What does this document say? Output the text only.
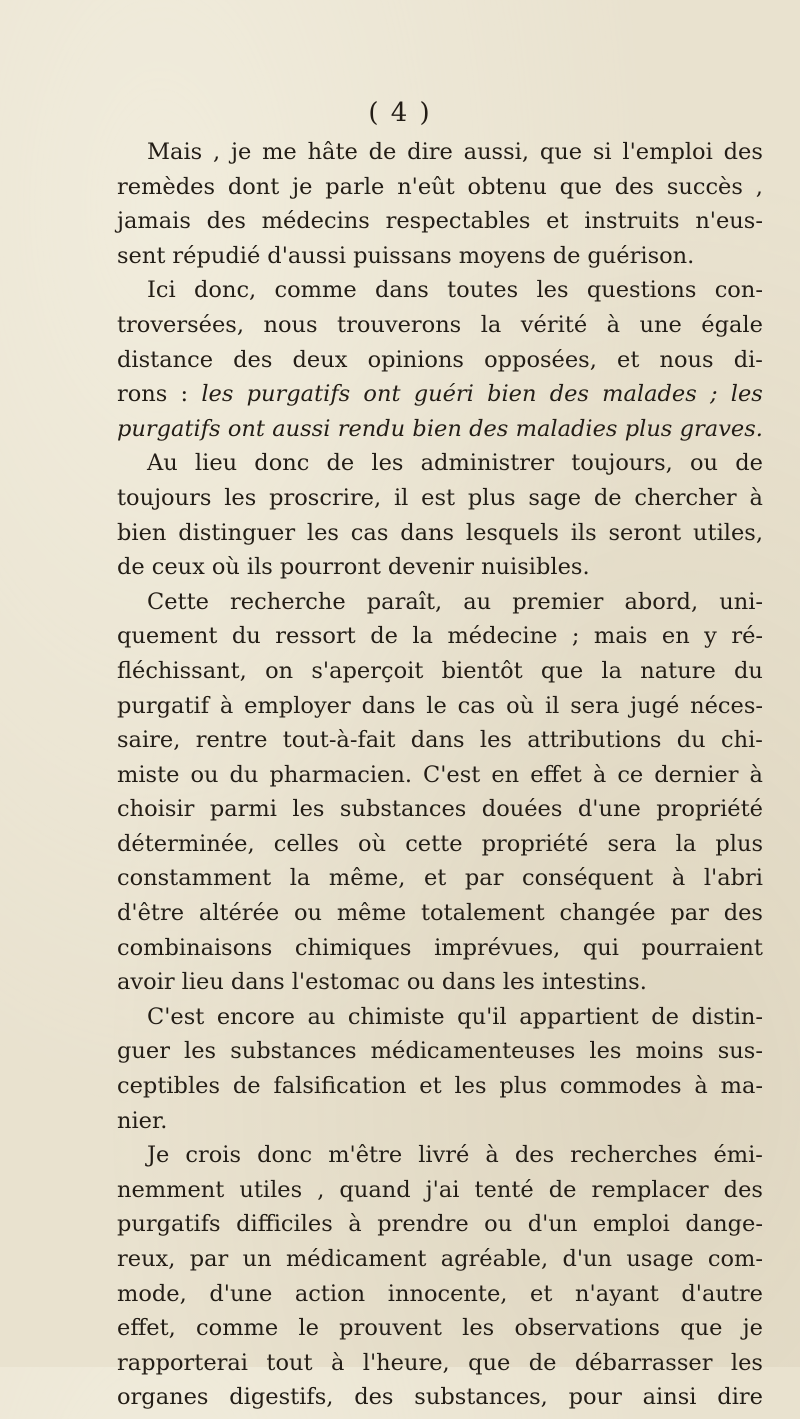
( 4 )
Mais , je me hâte de dire aussi, que si l'emploi des
remèdes dont je parle n'eût obtenu que des succès ,
jamais des médecins respectables et instruits n'eus-
sent répudié d'aussi puissans moyens de guérison.
Ici donc, comme dans toutes les questions con-
troversées, nous trouverons la vérité à une égale
distance des deux opinions opposées, et nous di-
rons : les purgatifs ont guéri bien des malades ; les
purgatifs ont aussi rendu bien des maladies plus graves.
Au lieu donc de les administrer toujours, ou de
toujours les proscrire, il est plus sage de chercher à
bien distinguer les cas dans lesquels ils seront utiles,
de ceux où ils pourront devenir nuisibles.
Cette recherche paraît, au premier abord, uni-
quement du ressort de la médecine ; mais en y ré-
fléchissant, on s'aperçoit bientôt que la nature du
purgatif à employer dans le cas où il sera jugé néces-
saire, rentre tout-à-fait dans les attributions du chi-
miste ou du pharmacien. C'est en effet à ce dernier à
choisir parmi les substances douées d'une propriété
déterminée, celles où cette propriété sera la plus
constamment la même, et par conséquent à l'abri
d'être altérée ou même totalement changée par des
combinaisons chimiques imprévues, qui pourraient
avoir lieu dans l'estomac ou dans les intestins.
C'est encore au chimiste qu'il appartient de distin-
guer les substances médicamenteuses les moins sus-
ceptibles de falsification et les plus commodes à ma-
nier.
Je crois donc m'être livré à des recherches émi-
nemment utiles , quand j'ai tenté de remplacer des
purgatifs difficiles à prendre ou d'un emploi dange-
reux, par un médicament agréable, d'un usage com-
mode, d'une action innocente, et n'ayant d'autre
effet, comme le prouvent les observations que je
rapporterai tout à l'heure, que de débarrasser les
organes digestifs, des substances, pour ainsi dire
